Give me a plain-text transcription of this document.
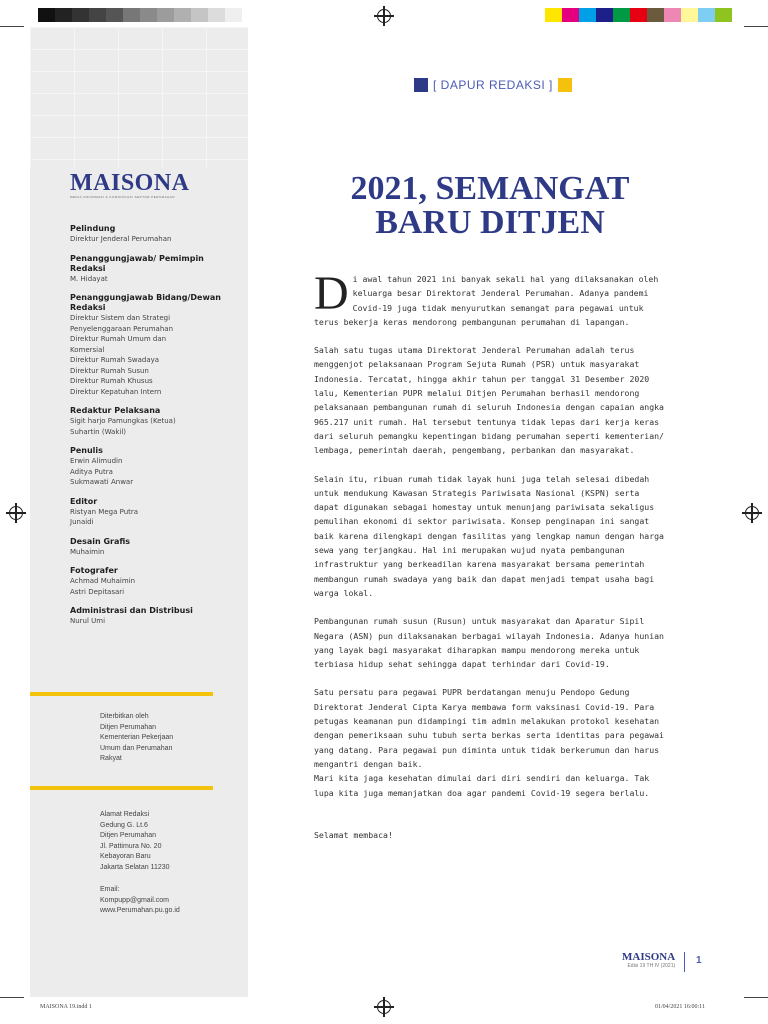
MAISONA
MEDIA INFORMASI & KOMUNIKASI SEKTOR PERUMAHAN
Pelindung
Direktur Jenderal Perumahan
Penanggungjawab/ Pemimpin Redaksi
M. Hidayat
Penanggungjawab Bidang/Dewan Redaksi
Direktur Sistem dan Strategi
Penyelenggaraan Perumahan
Direktur Rumah Umum dan
Komersial
Direktur Rumah Swadaya
Direktur Rumah Susun
Direktur Rumah Khusus
Direktur Kepatuhan Intern
Redaktur Pelaksana
Sigit harjo Pamungkas (Ketua)
Suhartin (Wakil)
Penulis
Erwin Alimudin
Aditya Putra
Sukmawati Anwar
Editor
Ristyan Mega Putra
Junaidi
Desain Grafis
Muhaimin
Fotografer
Achmad Muhaimin
Astri Depitasari
Administrasi dan Distribusi
Nurul Umi
Diterbitkan oleh
Ditjen Perumahan
Kementerian Pekerjaan
Umum dan Perumahan
Rakyat
Alamat Redaksi
Gedung G. Lt.6
Ditjen Perumahan
Jl. Pattimura No. 20
Kebayoran Baru
Jakarta Selatan 11230
Email:
Kompupp@gmail.com
www.Perumahan.pu.go.id
[ DAPUR REDAKSI ]
2021, SEMANGAT
BARU DITJEN

Di awal tahun 2021 ini banyak sekali hal yang dilaksanakan oleh keluarga besar Direktorat Jenderal Perumahan. Adanya pandemi Covid-19 juga tidak menyurutkan semangat para pegawai untuk terus bekerja keras mendorong pembangunan perumahan di lapangan.

Salah satu tugas utama Direktorat Jenderal Perumahan adalah terus menggenjot pelaksanaan Program Sejuta Rumah (PSR) untuk masyarakat Indonesia. Tercatat, hingga akhir tahun per tanggal 31 Desember 2020 lalu, Kementerian PUPR melalui Ditjen Perumahan berhasil mendorong pelaksanaan pembangunan rumah di seluruh Indonesia dengan capaian angka 965.217 unit rumah. Hal tersebut tentunya tidak lepas dari kerja keras dari seluruh pemangku kepentingan bidang perumahan seperti kementerian/ lembaga, pemerintah daerah, pengembang, perbankan dan masyarakat.

Selain itu, ribuan rumah tidak layak huni juga telah selesai dibedah untuk mendukung Kawasan Strategis Pariwisata Nasional (KSPN) serta dapat digunakan sebagai homestay untuk menunjang pariwisata sekaligus pemulihan ekonomi di sektor pariwisata. Konsep penginapan ini sangat baik karena dilengkapi dengan fasilitas yang lengkap namun dengan harga sewa yang terjangkau. Hal ini merupakan wujud nyata pembangunan infrastruktur yang berkeadilan karena masyarakat bersama pemerintah membangun rumah swadaya yang baik dan dapat menjadi tempat usaha bagi warga lokal.

Pembangunan rumah susun (Rusun) untuk masyarakat dan Aparatur Sipil Negara (ASN) pun dilaksanakan berbagai wilayah Indonesia. Adanya hunian yang layak bagi masyarakat diharapkan mampu mendorong mereka untuk terbiasa hidup sehat sehingga dapat terhindar dari Covid-19.

Satu persatu para pegawai PUPR berdatangan menuju Pendopo Gedung Direktorat Jenderal Cipta Karya membawa form vaksinasi Covid-19. Para petugas keamanan pun didampingi tim admin melakukan protokol kesehatan dengan pemeriksaan suhu tubuh serta berkas serta identitas para pegawai yang datang. Para pegawai pun diminta untuk tidak berkerumun dan harus mengantri dengan baik.

Mari kita jaga kesehatan dimulai dari diri sendiri dan keluarga. Tak lupa kita juga memanjatkan doa agar pandemi Covid-19 segera berlalu.

Selamat membaca!

MAISONA
Edisi 19 TH IV (2021) 1
MAISONA 19.indd 1	01/04/2021 16:00:11
